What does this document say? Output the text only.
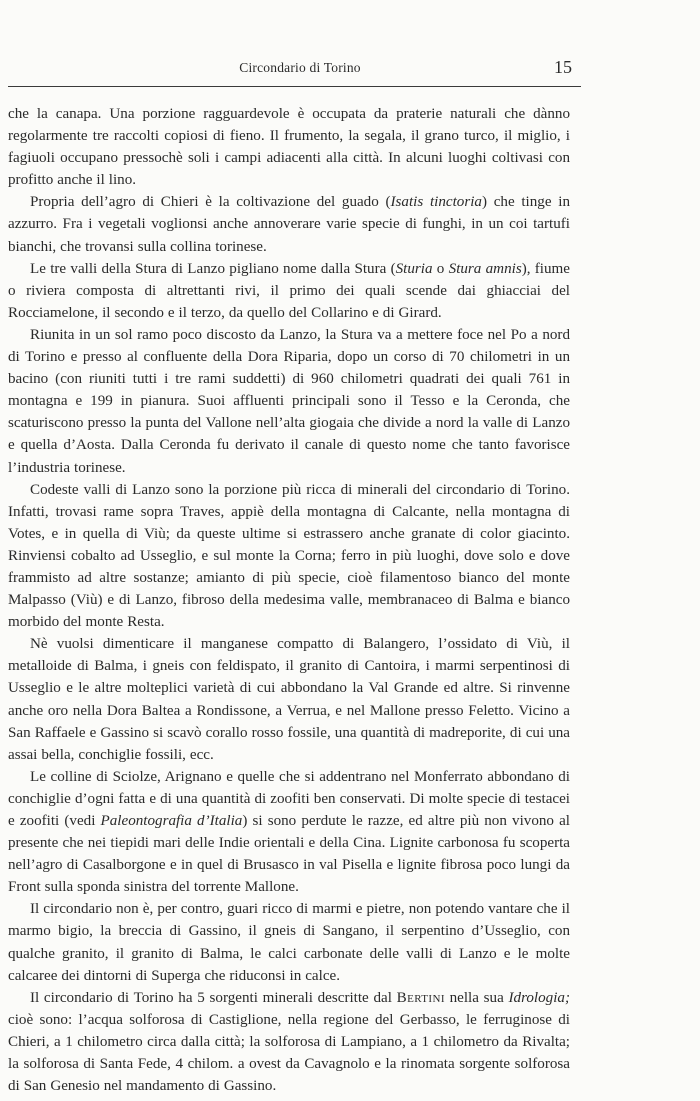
Circondario di Torino	15

che la canapa. Una porzione ragguardevole è occupata da praterie naturali che dànno regolarmente tre raccolti copiosi di fieno. Il frumento, la segala, il grano turco, il miglio, i fagiuoli occupano pressochè soli i campi adiacenti alla città. In alcuni luoghi coltivasi con profitto anche il lino.

Propria dell’agro di Chieri è la coltivazione del guado (Isatis tinctoria) che tinge in azzurro. Fra i vegetali voglionsi anche annoverare varie specie di funghi, in un coi tartufi bianchi, che trovansi sulla collina torinese.

Le tre valli della Stura di Lanzo pigliano nome dalla Stura (Sturia o Stura amnis), fiume o riviera composta di altrettanti rivi, il primo dei quali scende dai ghiacciai del Rocciamelone, il secondo e il terzo, da quello del Collarino e di Girard.

Riunita in un sol ramo poco discosto da Lanzo, la Stura va a mettere foce nel Po a nord di Torino e presso al confluente della Dora Riparia, dopo un corso di 70 chilometri in un bacino (con riuniti tutti i tre rami suddetti) di 960 chilometri quadrati dei quali 761 in montagna e 199 in pianura. Suoi affluenti principali sono il Tesso e la Ceronda, che scaturiscono presso la punta del Vallone nell’alta giogaia che divide a nord la valle di Lanzo e quella d’Aosta. Dalla Ceronda fu derivato il canale di questo nome che tanto favorisce l’industria torinese.

Codeste valli di Lanzo sono la porzione più ricca di minerali del circondario di Torino. Infatti, trovasi rame sopra Traves, appiè della montagna di Calcante, nella montagna di Votes, e in quella di Viù; da queste ultime si estrassero anche granate di color giacinto. Rinviensi cobalto ad Usseglio, e sul monte la Corna; ferro in più luoghi, dove solo e dove frammisto ad altre sostanze; amianto di più specie, cioè filamentoso bianco del monte Malpasso (Viù) e di Lanzo, fibroso della medesima valle, membranaceo di Balma e bianco morbido del monte Resta.

Nè vuolsi dimenticare il manganese compatto di Balangero, l’ossidato di Viù, il metalloide di Balma, i gneis con feldispato, il granito di Cantoira, i marmi serpentinosi di Usseglio e le altre molteplici varietà di cui abbondano la Val Grande ed altre. Si rinvenne anche oro nella Dora Baltea a Rondissone, a Verrua, e nel Mallone presso Feletto. Vicino a San Raffaele e Gassino si scavò corallo rosso fossile, una quantità di madreporite, di cui una assai bella, conchiglie fossili, ecc.

Le colline di Sciolze, Arignano e quelle che si addentrano nel Monferrato abbondano di conchiglie d’ogni fatta e di una quantità di zoofiti ben conservati. Di molte specie di testacei e zoofiti (vedi Paleontografia d’Italia) si sono perdute le razze, ed altre più non vivono al presente che nei tiepidi mari delle Indie orientali e della Cina. Lignite carbonosa fu scoperta nell’agro di Casalborgone e in quel di Brusasco in val Pisella e lignite fibrosa poco lungi da Front sulla sponda sinistra del torrente Mallone.

Il circondario non è, per contro, guari ricco di marmi e pietre, non potendo vantare che il marmo bigio, la breccia di Gassino, il gneis di Sangano, il serpentino d’Usseglio, con qualche granito, il granito di Balma, le calci carbonate delle valli di Lanzo e le molte calcaree dei dintorni di Superga che riduconsi in calce.

Il circondario di Torino ha 5 sorgenti minerali descritte dal Bertini nella sua Idrologia; cioè sono: l’acqua solforosa di Castiglione, nella regione del Gerbasso, le ferruginose di Chieri, a 1 chilometro circa dalla città; la solforosa di Lampiano, a 1 chilometro da Rivalta; la solforosa di Santa Fede, 4 chilom. a ovest da Cavagnolo e la rinomata sorgente solforosa di San Genesio nel mandamento di Gassino.
